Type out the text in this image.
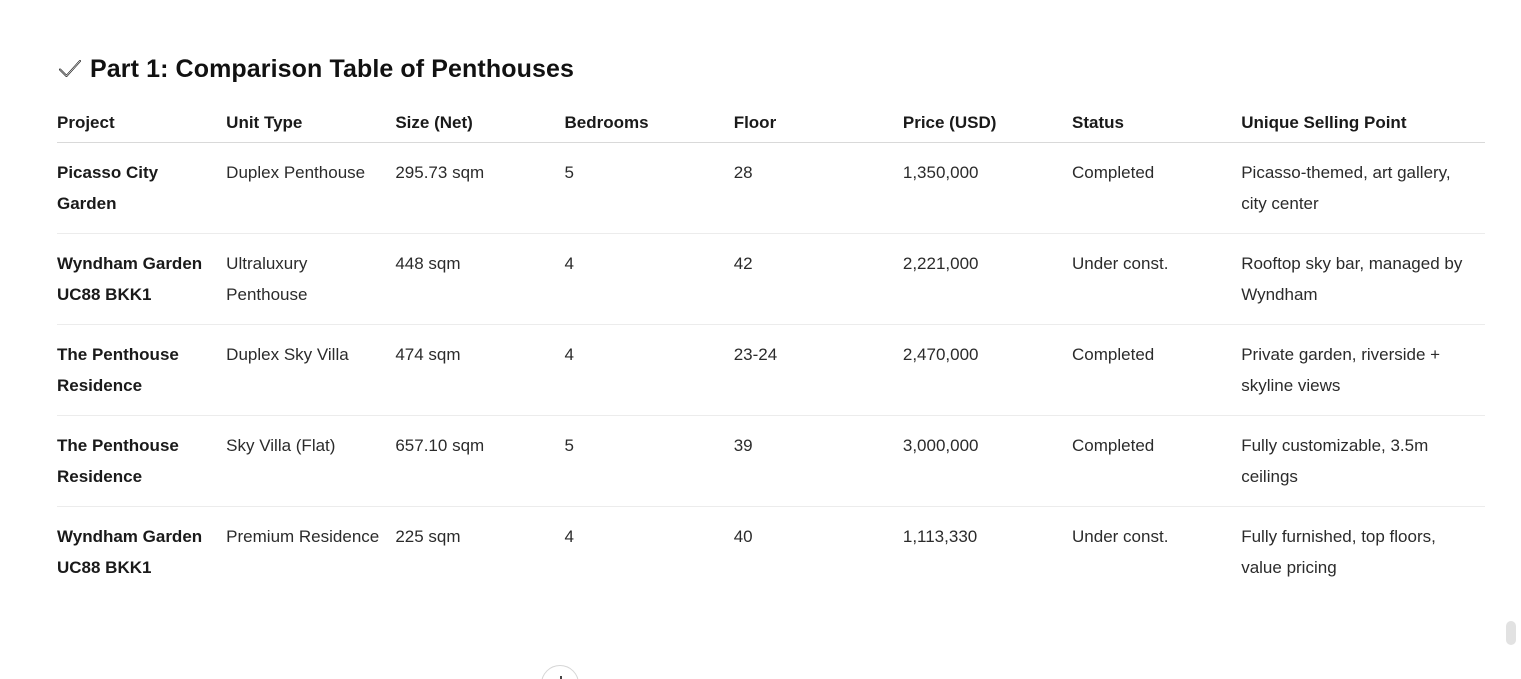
Part 1: Comparison Table of Penthouses
Project	Unit Type	Size (Net)	Bedrooms	Floor	Price (USD)	Status	Unique Selling Point
Picasso City Garden	Duplex Penthouse	295.73 sqm	5	28	1,350,000	Completed	Picasso-themed, art gallery, city center
Wyndham Garden UC88 BKK1	Ultraluxury Penthouse	448 sqm	4	42	2,221,000	Under const.	Rooftop sky bar, managed by Wyndham
The Penthouse Residence	Duplex Sky Villa	474 sqm	4	23-24	2,470,000	Completed	Private garden, riverside + skyline views
The Penthouse Residence	Sky Villa (Flat)	657.10 sqm	5	39	3,000,000	Completed	Fully customizable, 3.5m ceilings
Wyndham Garden UC88 BKK1	Premium Residence	225 sqm	4	40	1,113,330	Under const.	Fully furnished, top floors, value pricing
